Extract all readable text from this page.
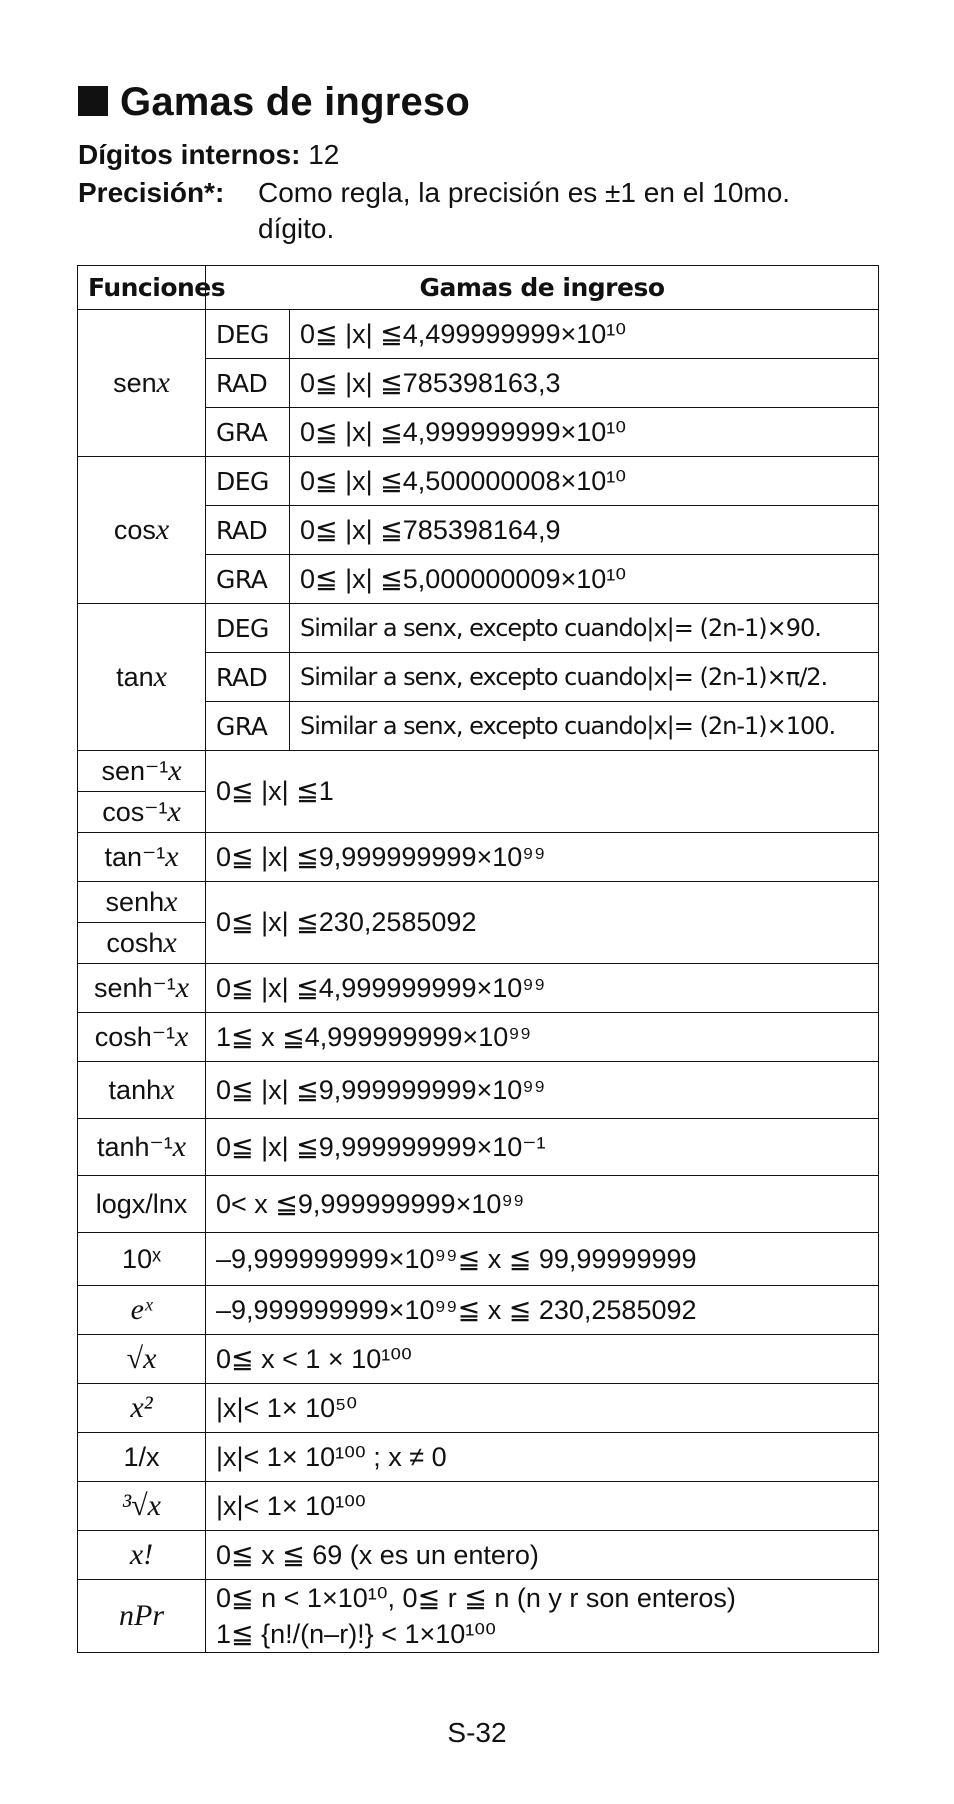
Gamas de ingreso
Dígitos internos: 12
Precisión*: Como regla, la precisión es ±1 en el 10mo.
dígito.
Funciones	Gamas de ingreso	
senx	DEG	0≦ |x| ≦4,499999999×10¹⁰
	RAD	0≦ |x| ≦785398163,3
	GRA	0≦ |x| ≦4,999999999×10¹⁰
cosx	DEG	0≦ |x| ≦4,500000008×10¹⁰
	RAD	0≦ |x| ≦785398164,9
	GRA	0≦ |x| ≦5,000000009×10¹⁰
tanx	DEG	Similar a senx, excepto cuando|x|= (2n-1)×90.
	RAD	Similar a senx, excepto cuando|x|= (2n-1)×π/2.
	GRA	Similar a senx, excepto cuando|x|= (2n-1)×100.
sen⁻¹x	0≦ |x| ≦1	
cos⁻¹x		
tan⁻¹x	0≦ |x| ≦9,999999999×10⁹⁹	
senhx	0≦ |x| ≦230,2585092	
coshx		
senh⁻¹x	0≦ |x| ≦4,999999999×10⁹⁹	
cosh⁻¹x	1≦ x ≦4,999999999×10⁹⁹	
tanhx	0≦ |x| ≦9,999999999×10⁹⁹	
tanh⁻¹x	0≦ |x| ≦9,999999999×10⁻¹	
logx/lnx	0< x ≦9,999999999×10⁹⁹	
10ˣ	–9,999999999×10⁹⁹≦ x ≦ 99,99999999	
eˣ	–9,999999999×10⁹⁹≦ x ≦ 230,2585092	
√x	0≦ x < 1 × 10¹⁰⁰	
x²	|x|< 1× 10⁵⁰	
1/x	|x|< 1× 10¹⁰⁰ ; x ≠ 0	
³√x	|x|< 1× 10¹⁰⁰	
x!	0≦ x ≦ 69 (x es un entero)	
nPr	0≦ n < 1×10¹⁰, 0≦ r ≦ n (n y r son enteros)
1≦ {n!/(n–r)!} < 1×10¹⁰⁰	
S-32
